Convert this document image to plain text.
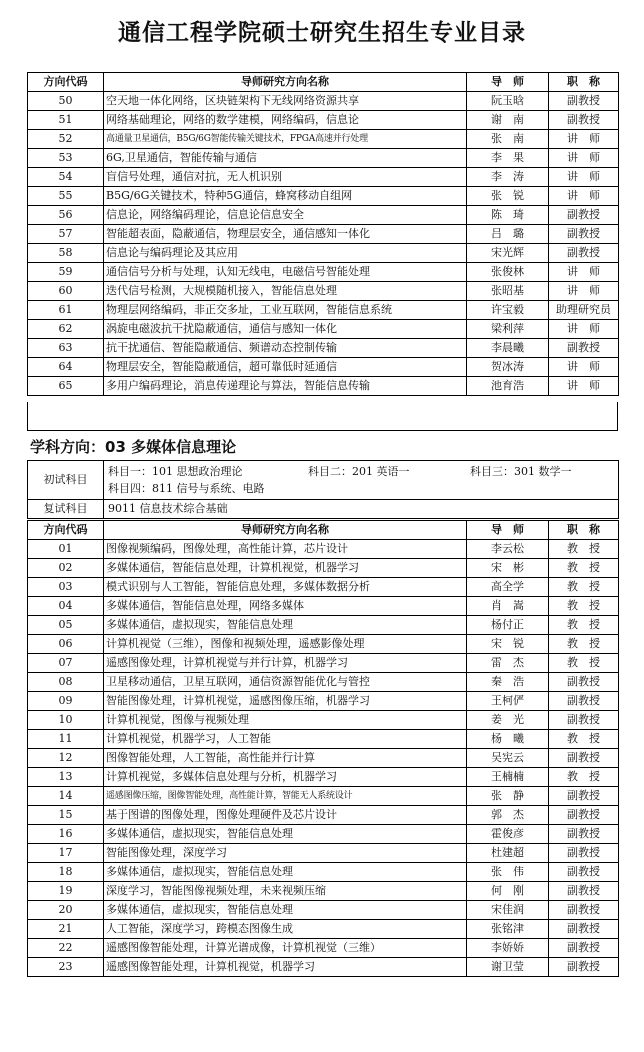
通信工程学院硕士研究生招生专业目录
方向代码	导师研究方向名称	导　师	职　称
50	空天地一体化网络，区块链架构下无线网络资源共享	阮玉晗	副教授
51	网络基础理论，网络的数学建模，网络编码，信息论	谢　南	副教授
52	高通量卫星通信，B5G/6G智能传输关键技术，FPGA高速并行处理	张　南	讲　师
53	6G,卫星通信，智能传输与通信	李　果	讲　师
54	盲信号处理，通信对抗，无人机识别	李　涛	讲　师
55	B5G/6G关键技术，特种5G通信，蜂窝移动自组网	张　锐	讲　师
56	信息论，网络编码理论，信息论信息安全	陈　琦	副教授
57	智能超表面，隐蔽通信，物理层安全，通信感知一体化	吕　璐	副教授
58	信息论与编码理论及其应用	宋光辉	副教授
59	通信信号分析与处理，认知无线电，电磁信号智能处理	张俊林	讲　师
60	迭代信号检测，大规模随机接入，智能信息处理	张昭基	讲　师
61	物理层网络编码，非正交多址，工业互联网，智能信息系统	许宝毅	助理研究员
62	涡旋电磁波抗干扰隐蔽通信，通信与感知一体化	梁利萍	讲　师
63	抗干扰通信、智能隐蔽通信、频谱动态控制传输	李晨曦	副教授
64	物理层安全，智能隐蔽通信，超可靠低时延通信	贺冰涛	讲　师
65	多用户编码理论，消息传递理论与算法，智能信息传输	池育浩	讲　师
学科方向：03 多媒体信息理论
初试科目	科目一：101 思想政治理论 科目二：201 英语一 科目三：301 数学一
科目四：811 信号与系统、电路
复试科目	9011 信息技术综合基础
方向代码	导师研究方向名称	导　师	职　称
01	图像视频编码，图像处理，高性能计算，芯片设计	李云松	教　授
02	多媒体通信，智能信息处理，计算机视觉，机器学习	宋　彬	教　授
03	模式识别与人工智能，智能信息处理，多媒体数据分析	高全学	教　授
04	多媒体通信，智能信息处理，网络多媒体	肖　嵩	教　授
05	多媒体通信，虚拟现实，智能信息处理	杨付正	教　授
06	计算机视觉（三维），图像和视频处理，遥感影像处理	宋　锐	教　授
07	遥感图像处理，计算机视觉与并行计算，机器学习	雷　杰	教　授
08	卫星移动通信，卫星互联网，通信资源智能优化与管控	秦　浩	副教授
09	智能图像处理，计算机视觉，遥感图像压缩，机器学习	王柯俨	副教授
10	计算机视觉，图像与视频处理	姜　光	副教授
11	计算机视觉，机器学习，人工智能	杨　曦	教　授
12	图像智能处理，人工智能，高性能并行计算	吴宪云	副教授
13	计算机视觉，多媒体信息处理与分析，机器学习	王楠楠	教　授
14	遥感图像压缩，图像智能处理，高性能计算，智能无人系统设计	张　静	副教授
15	基于图谱的图像处理，图像处理硬件及芯片设计	郭　杰	副教授
16	多媒体通信，虚拟现实，智能信息处理	霍俊彦	副教授
17	智能图像处理，深度学习	杜建超	副教授
18	多媒体通信，虚拟现实，智能信息处理	张　伟	副教授
19	深度学习，智能图像视频处理，未来视频压缩	何　刚	副教授
20	多媒体通信，虚拟现实，智能信息处理	宋佳润	副教授
21	人工智能，深度学习，跨模态图像生成	张铭津	副教授
22	遥感图像智能处理，计算光谱成像，计算机视觉（三维）	李娇娇	副教授
23	遥感图像智能处理，计算机视觉，机器学习	谢卫莹	副教授
